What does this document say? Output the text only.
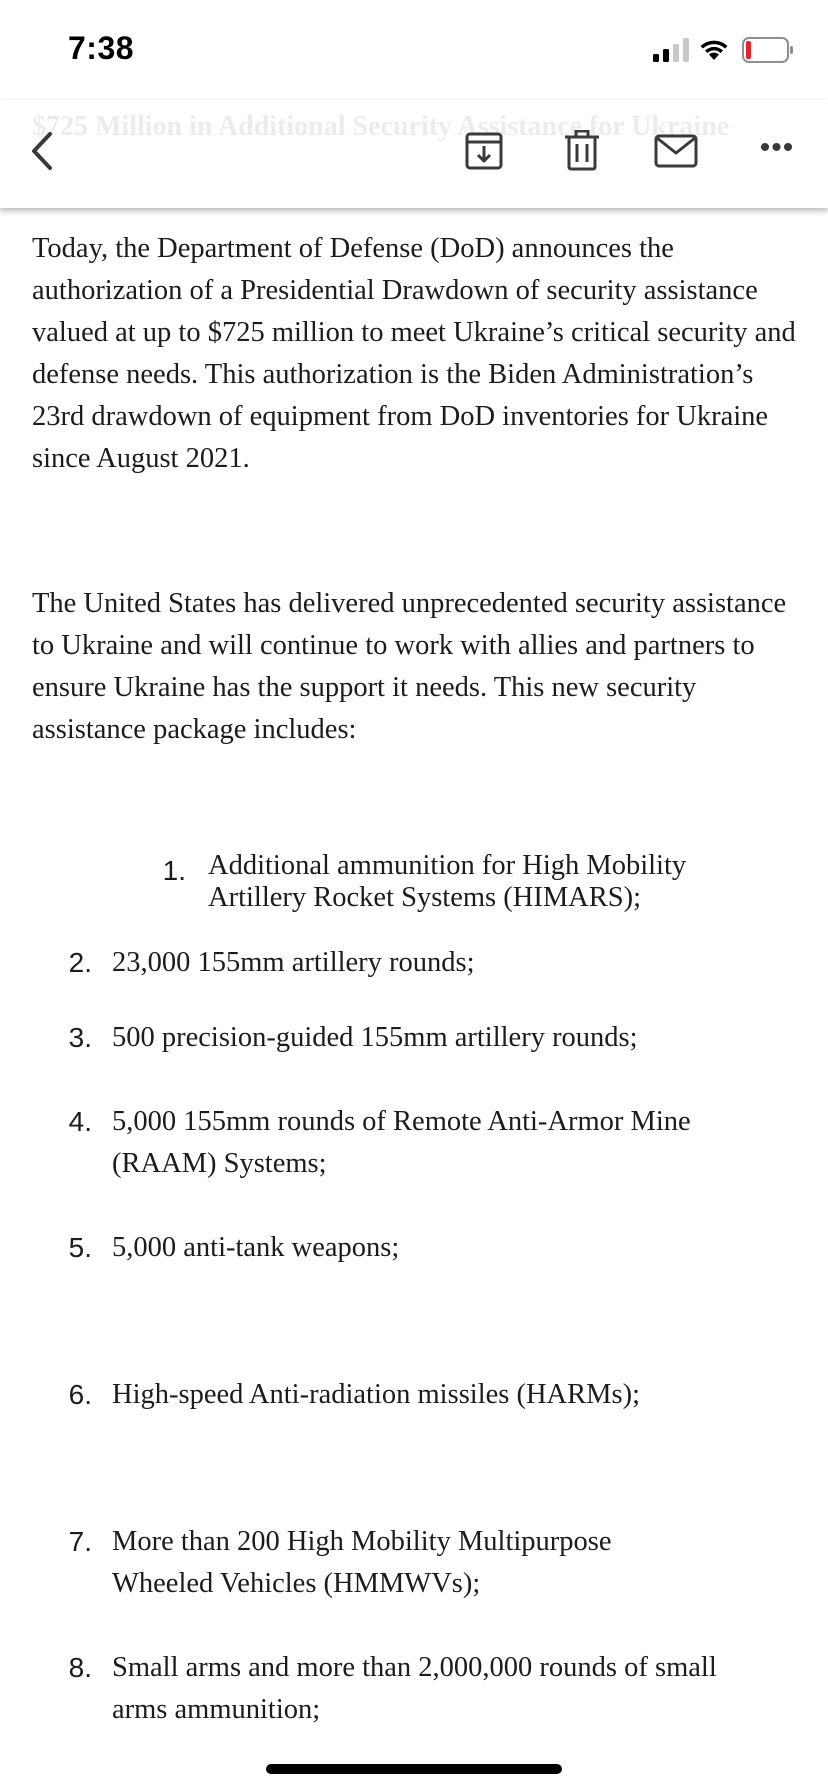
7:38
$725 Million in Additional Security Assistance for Ukraine
•••

Today, the Department of Defense (DoD) announces the authorization of a Presidential Drawdown of security assistance valued at up to $725 million to meet Ukraine’s critical security and defense needs. This authorization is the Biden Administration’s 23rd drawdown of equipment from DoD inventories for Ukraine since August 2021.

The United States has delivered unprecedented security assistance to Ukraine and will continue to work with allies and partners to ensure Ukraine has the support it needs. This new security assistance package includes:

1. Additional ammunition for High Mobility Artillery Rocket Systems (HIMARS);
2. 23,000 155mm artillery rounds;
3. 500 precision-guided 155mm artillery rounds;
4. 5,000 155mm rounds of Remote Anti-Armor Mine (RAAM) Systems;
5. 5,000 anti-tank weapons;
6. High-speed Anti-radiation missiles (HARMs);
7. More than 200 High Mobility Multipurpose Wheeled Vehicles (HMMWVs);
8. Small arms and more than 2,000,000 rounds of small arms ammunition;
